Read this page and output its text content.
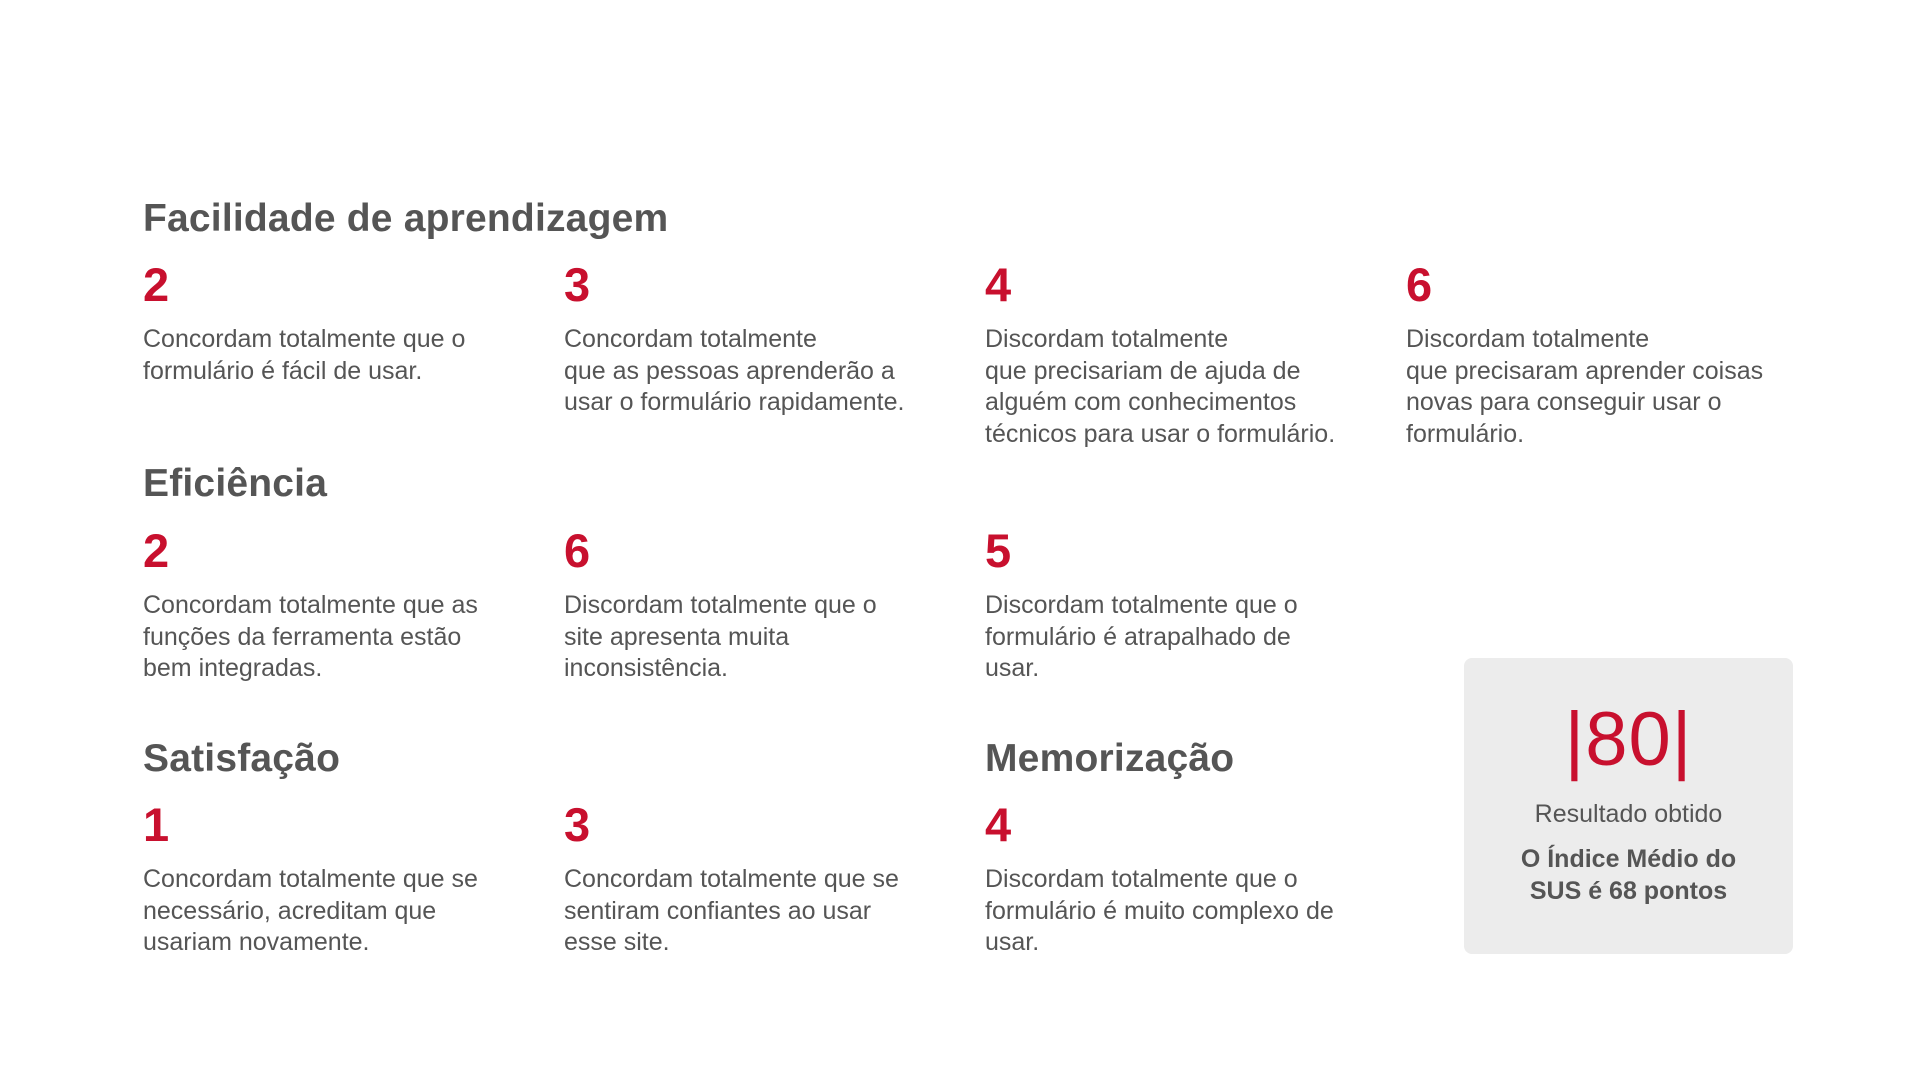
Facilidade de aprendizagem
2
Concordam totalmente que o
formulário é fácil de usar.
3
Concordam totalmente
que as pessoas aprenderão a
usar o formulário rapidamente.
4
Discordam totalmente
que precisariam de ajuda de
alguém com conhecimentos
técnicos para usar o formulário.
6
Discordam totalmente
que precisaram aprender coisas
novas para conseguir usar o
formulário.
Eficiência
2
Concordam totalmente que as
funções da ferramenta estão
bem integradas.
6
Discordam totalmente que o
site apresenta muita
inconsistência.
5
Discordam totalmente que o
formulário é atrapalhado de
usar.
Satisfação
1
Concordam totalmente que se
necessário, acreditam que
usariam novamente.
3
Concordam totalmente que se
sentiram confiantes ao usar
esse site.
Memorização
4
Discordam totalmente que o
formulário é muito complexo de
usar.
|80|
Resultado obtido
O Índice Médio do
SUS é 68 pontos
